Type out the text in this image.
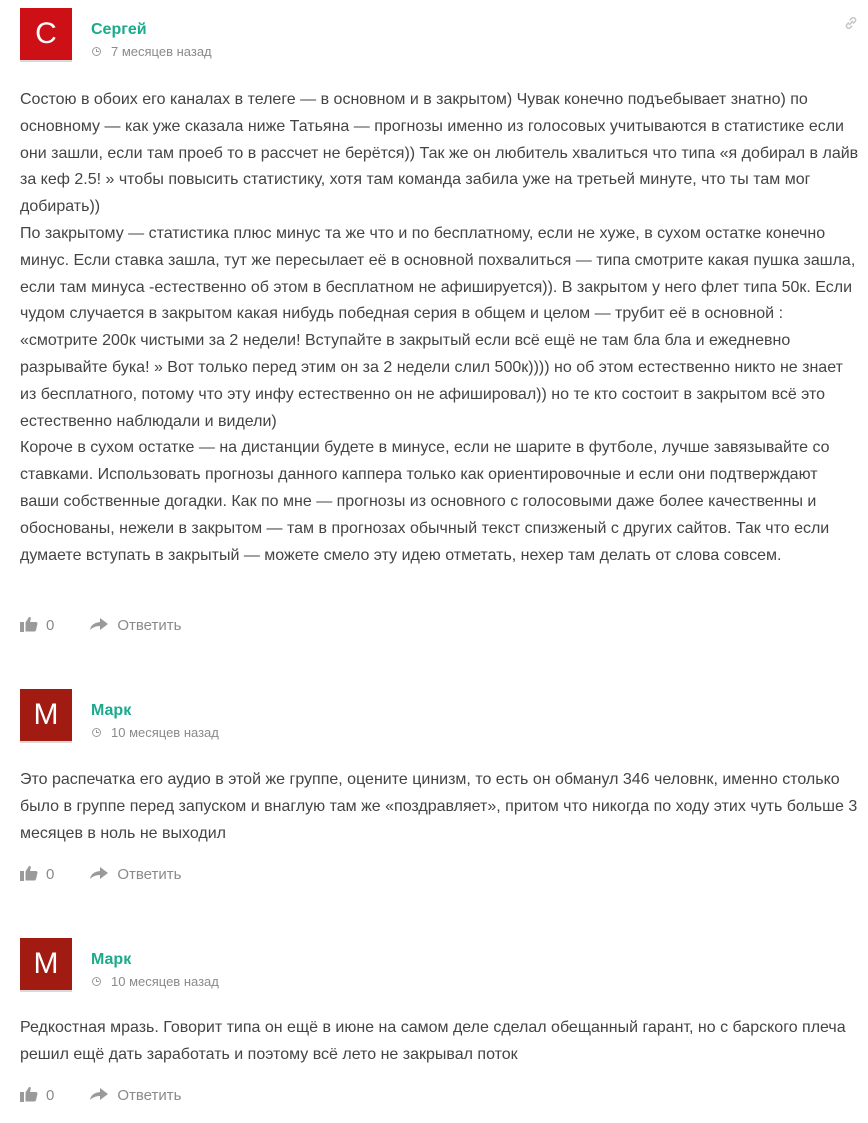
С	Сергей
7 месяцев назад

Состою в обоих его каналах в телеге — в основном и в закрытом) Чувак конечно подъебывает знатно) по основному — как уже сказала ниже Татьяна — прогнозы именно из голосовых учитываются в статистике если они зашли, если там проеб то в рассчет не берётся)) Так же он любитель хвалиться что типа «я добирал в лайв за кеф 2.5! » чтобы повысить статистику, хотя там команда забила уже на третьей минуте, что ты там мог добирать))

По закрытому — статистика плюс минус та же что и по бесплатному, если не хуже, в сухом остатке конечно минус. Если ставка зашла, тут же пересылает её в основной похвалиться — типа смотрите какая пушка зашла, если там минуса -естественно об этом в бесплатном не афишируется)). В закрытом у него флет типа 50к. Если чудом случается в закрытом какая нибудь победная серия в общем и целом — трубит её в основной : «смотрите 200к чистыми за 2 недели! Вступайте в закрытый если всё ещё не там бла бла и ежедневно разрывайте бука! » Вот только перед этим он за 2 недели слил 500к)))) но об этом естественно никто не знает из бесплатного, потому что эту инфу естественно он не афишировал)) но те кто состоит в закрытом всё это естественно наблюдали и видели)

Короче в сухом остатке — на дистанции будете в минусе, если не шарите в футболе, лучше завязывайте со ставками. Использовать прогнозы данного каппера только как ориентировочные и если они подтверждают ваши собственные догадки. Как по мне — прогнозы из основного с голосовыми даже более качественны и обоснованы, нежели в закрытом — там в прогнозах обычный текст спизженый с других сайтов. Так что если думаете вступать в закрытый — можете смело эту идею отметать, нехер там делать от слова совсем.

0	Ответить
М	Марк
10 месяцев назад

Это распечатка его аудио в этой же группе, оцените цинизм, то есть он обманул 346 человнк, именно столько было в группе перед запуском и внаглую там же «поздравляет», притом что никогда по ходу этих чуть больше 3 месяцев в ноль не выходил

0	Ответить
М	Марк
10 месяцев назад

Редкостная мразь. Говорит типа он ещё в июне на самом деле сделал обещанный гарант, но с барского плеча решил ещё дать заработать и поэтому всё лето не закрывал поток

0	Ответить
